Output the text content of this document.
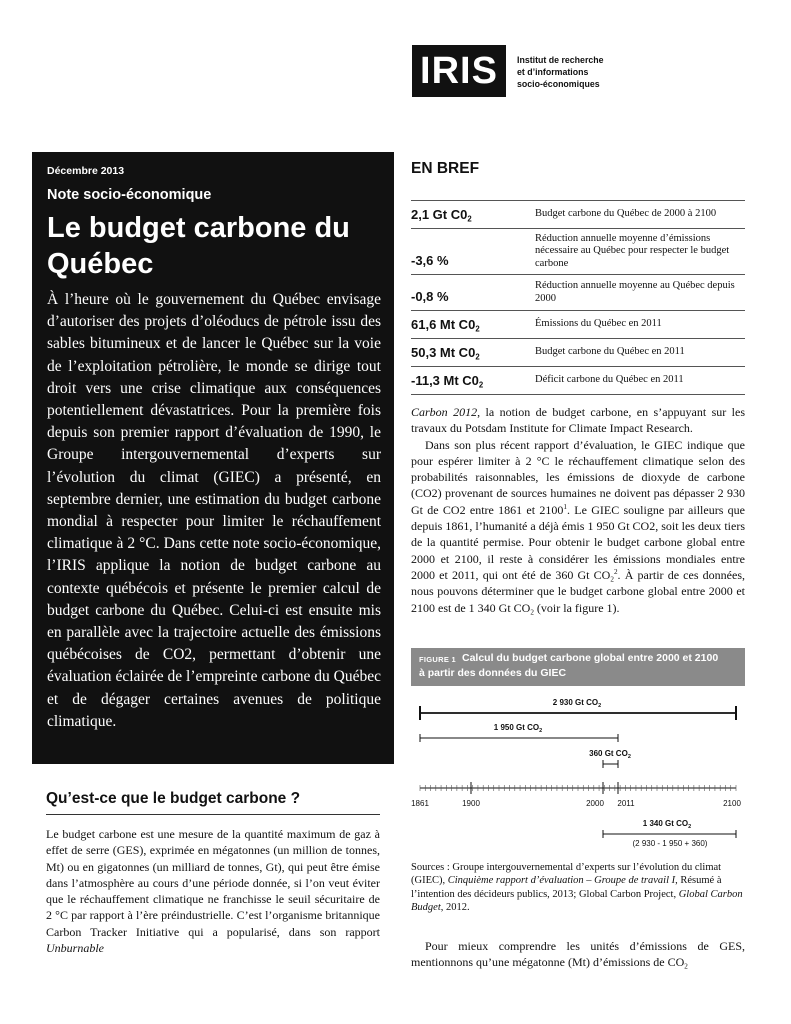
IRIS	Institut de recherche
et d’informations
socio-économiques
Décembre 2013
Note socio-économique
Le budget carbone du Québec

À l’heure où le gouvernement du Québec envisage d’autoriser des projets d’oléoducs de pétrole issu des sables bitumineux et de lancer le Québec sur la voie de l’exploitation pétrolière, le monde se dirige tout droit vers une crise climatique aux conséquences potentiellement dévastatrices. Pour la première fois depuis son premier rapport d’évaluation de 1990, le Groupe intergouvernemental d’experts sur l’évolution du climat (GIEC) a présenté, en septembre dernier, une estimation du budget carbone mondial à respecter pour limiter le réchauffement climatique à 2 °C. Dans cette note socio-économique, l’IRIS applique la notion de budget carbone au contexte québécois et présente le premier calcul de budget carbone du Québec. Celui-ci est ensuite mis en parallèle avec la trajectoire actuelle des émissions québécoises de CO2, permettant d’obtenir une évaluation éclairée de l’empreinte carbone du Québec et de dégager certaines avenues de politique climatique.

Qu’est-ce que le budget carbone ?

Le budget carbone est une mesure de la quantité maximum de gaz à effet de serre (GES), exprimée en mégatonnes (un million de tonnes, Mt) ou en gigatonnes (un milliard de tonnes, Gt), qui peut être émise dans l’atmosphère au cours d’une période donnée, si l’on veut éviter que le réchauffement climatique ne franchisse le seuil sécuritaire de 2 °C par rapport à l’ère préindustrielle. C’est l’organisme britannique Carbon Tracker Initiative qui a popularisé, dans son rapport Unburnable

EN BREF
2,1 Gt $C0_2$	Budget carbone du Québec de 2000 à 2100
-3,6 %	Réduction annuelle moyenne d’émissions nécessaire au Québec pour respecter le budget carbone
-0,8 %	Réduction annuelle moyenne au Québec depuis 2000
61,6 Mt $C0_2$	Émissions du Québec en 2011
50,3 Mt $C0_2$	Budget carbone du Québec en 2011
-11,3 Mt $C0_2$	Déficit carbone du Québec en 2011

Carbon 2012, la notion de budget carbone, en s’appuyant sur les travaux du Potsdam Institute for Climate Impact Research.

Dans son plus récent rapport d’évaluation, le GIEC indique que pour espérer limiter à 2 °C le réchauffement climatique selon des probabilités raisonnables, les émissions de dioxyde de carbone (CO2) provenant de sources humaines ne doivent pas dépasser 2 930 Gt de CO2 entre 1861 et 2100$^1$. Le GIEC souligne par ailleurs que depuis 1861, l’humanité a déjà émis 1 950 Gt CO2, soit les deux tiers de la quantité permise. Pour obtenir le budget carbone global entre 2000 et 2100, il reste à considérer les émissions mondiales entre 2000 et 2011, qui ont été de 360 Gt $CO_2^2$. À partir de ces données, nous pouvons déterminer que le budget carbone global entre 2000 et 2100 est de 1 340 Gt $CO_2$ (voir la figure 1).

FIGURE 1 Calcul du budget carbone global entre 2000 et 2100
à partir des données du GIEC
2 930 Gt $CO_2$
1 950 Gt $CO_2$
360 Gt $CO_2$
1861	1900	2000 2011	2100
1 340 Gt $CO_2$
(2 930 - 1 950 + 360)

Sources : Groupe intergouvernemental d’experts sur l’évolution du climat (GIEC), Cinquième rapport d’évaluation – Groupe de travail I, Résumé à l’intention des décideurs publics, 2013; Global Carbon Project, Global Carbon Budget, 2012.

Pour mieux comprendre les unités d’émissions de GES, mentionnons qu’une mégatonne (Mt) d’émissions de $CO_2$
